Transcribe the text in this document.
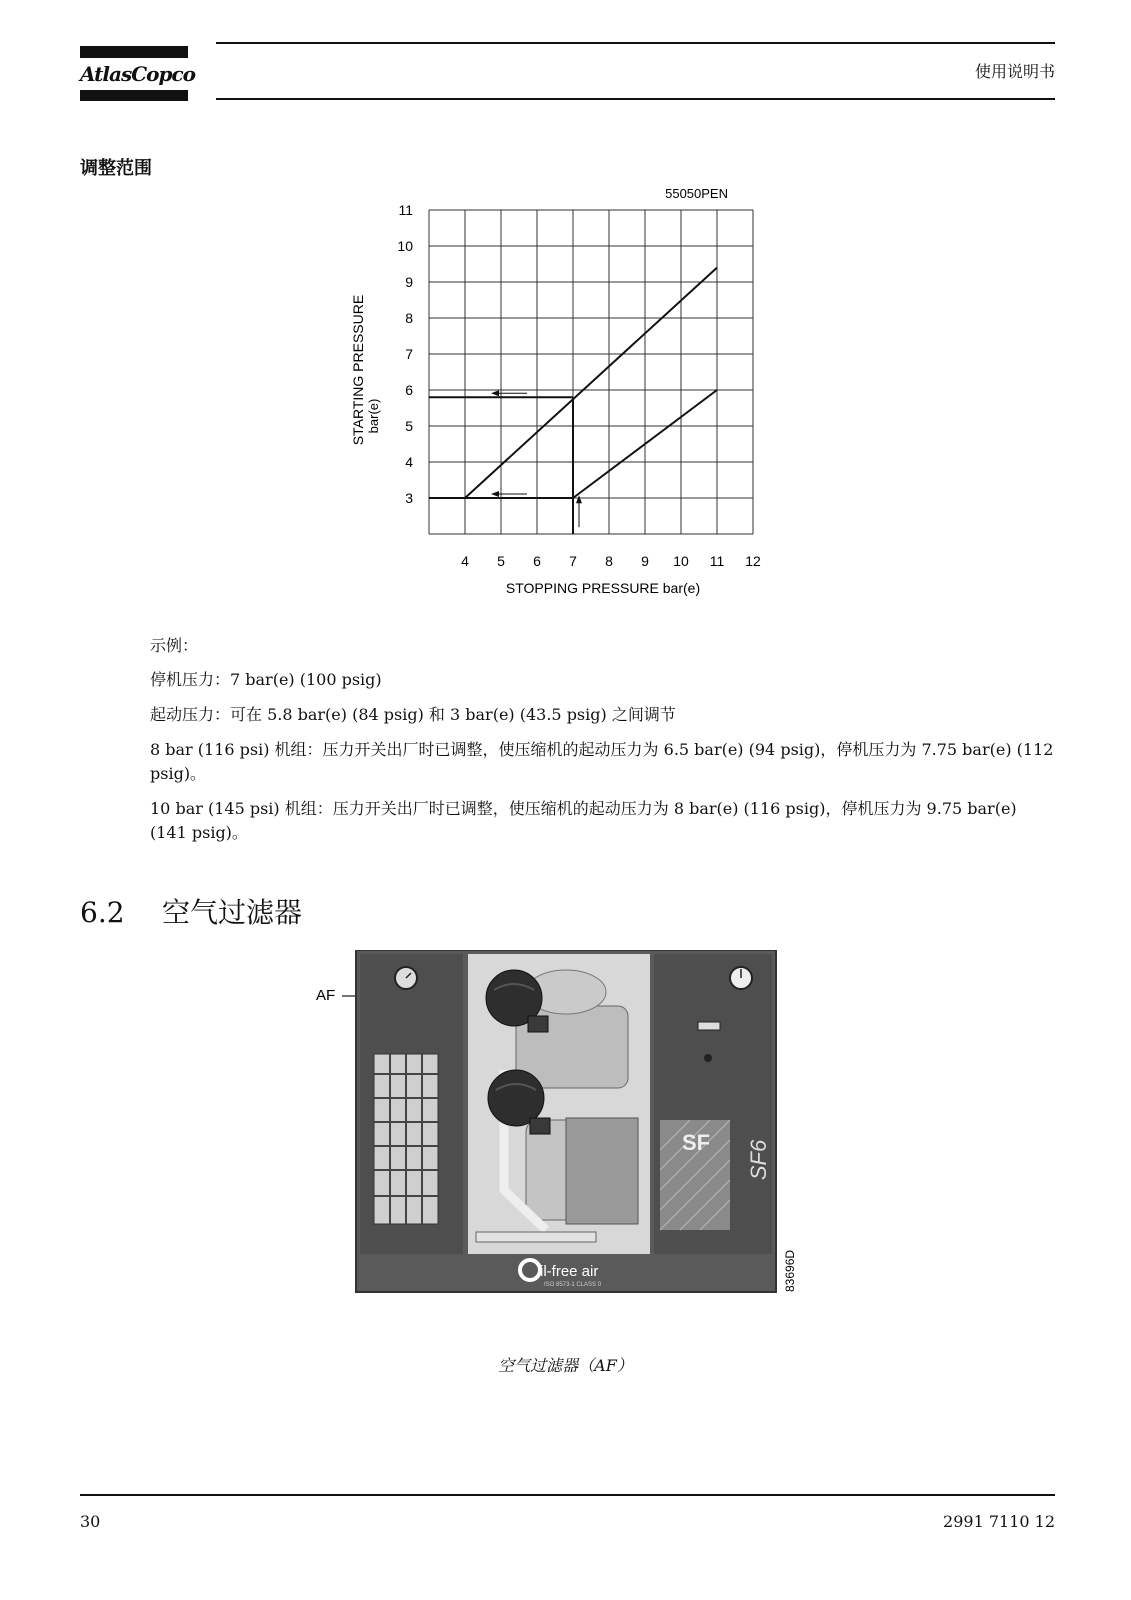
AtlasCopco	使用说明书
调整范围
55050PEN
4 5 6 7 8 9 10 11 12
3
4
5
6
7
8
9
10
11
STOPPING PRESSURE bar(e)
STARTING PRESSURE bar(e)
示例：

停机压力：7 bar(e) (100 psig)

起动压力：可在 5.8 bar(e) (84 psig) 和 3 bar(e) (43.5 psig) 之间调节

8 bar (116 psi) 机组：压力开关出厂时已调整，使压缩机的起动压力为 6.5 bar(e) (94 psig)，停机压力为 7.75 bar(e) (112 psig)。

10 bar (145 psi) 机组：压力开关出厂时已调整，使压缩机的起动压力为 8 bar(e) (116 psig)，停机压力为 9.75 bar(e) (141 psig)。

6.2 空气过滤器
AF
SF SF6
il-free air
ISO 8573-1 CLASS 0	83696D
空气过滤器（AF）
30	2991 7110 12
